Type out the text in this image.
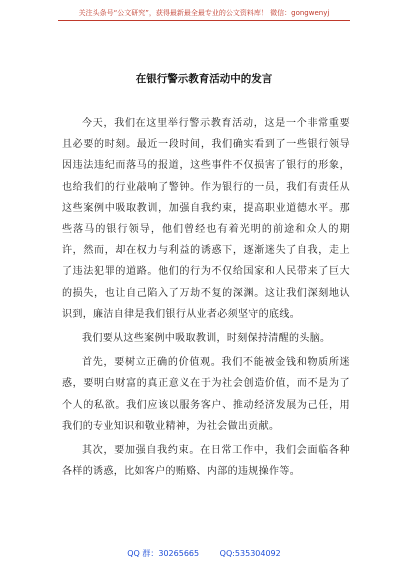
关注头条号“公文研究”，获得最新最全最专业的公文资料库！ 微信：gongwenyj
在银行警示教育活动中的发言

今天，我们在这里举行警示教育活动，这是一个非常重要且必要的时刻。最近一段时间，我们确实看到了一些银行领导因违法违纪而落马的报道，这些事件不仅损害了银行的形象，也给我们的行业敲响了警钟。作为银行的一员，我们有责任从这些案例中吸取教训，加强自我约束，提高职业道德水平。那些落马的银行领导，他们曾经也有着光明的前途和众人的期许，然而，却在权力与利益的诱惑下，逐渐迷失了自我，走上了违法犯罪的道路。他们的行为不仅给国家和人民带来了巨大的损失，也让自己陷入了万劫不复的深渊。这让我们深刻地认识到，廉洁自律是我们银行从业者必须坚守的底线。

我们要从这些案例中吸取教训，时刻保持清醒的头脑。

首先，要树立正确的价值观。我们不能被金钱和物质所迷惑，要明白财富的真正意义在于为社会创造价值，而不是为了个人的私欲。我们应该以服务客户、推动经济发展为己任，用我们的专业知识和敬业精神，为社会做出贡献。

其次，要加强自我约束。在日常工作中，我们会面临各种各样的诱惑，比如客户的贿赂、内部的违规操作等。

QQ 群：30265665	QQ:535304092
